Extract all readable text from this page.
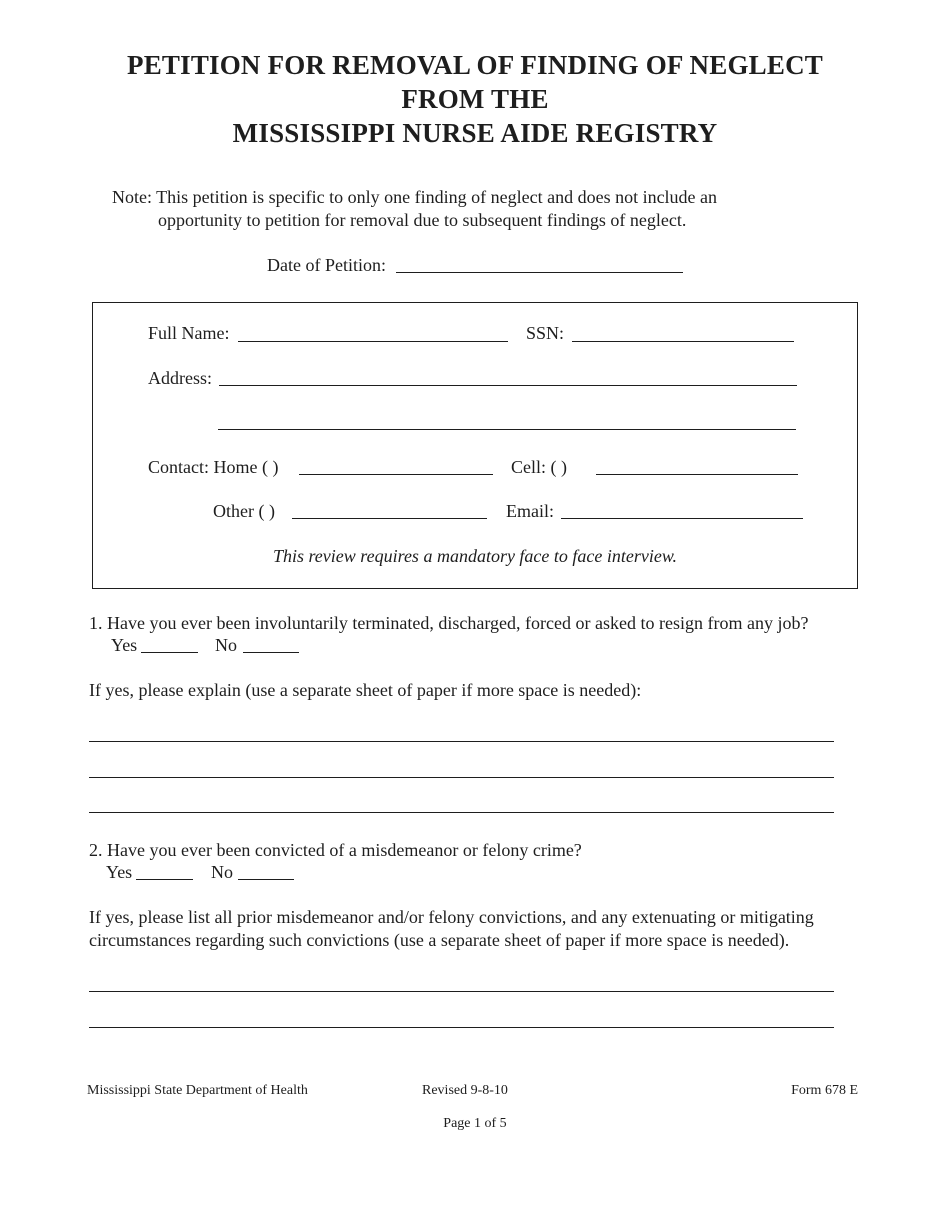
PETITION FOR REMOVAL OF FINDING OF NEGLECT
FROM THE
MISSISSIPPI NURSE AIDE REGISTRY
Note: This petition is specific to only one finding of neglect and does not include an
opportunity to petition for removal due to subsequent findings of neglect.
Date of Petition:
Full Name:	SSN:
Address:
Contact: Home ( )	Cell: ( )
Other ( )	Email:
This review requires a mandatory face to face interview.
1. Have you ever been involuntarily terminated, discharged, forced or asked to resign from any job?
Yes	No
If yes, please explain (use a separate sheet of paper if more space is needed):
2. Have you ever been convicted of a misdemeanor or felony crime?
Yes	No
If yes, please list all prior misdemeanor and/or felony convictions, and any extenuating or mitigating
circumstances regarding such convictions (use a separate sheet of paper if more space is needed).
Mississippi State Department of Health	Revised 9-8-10	Form 678 E
Page 1 of 5
